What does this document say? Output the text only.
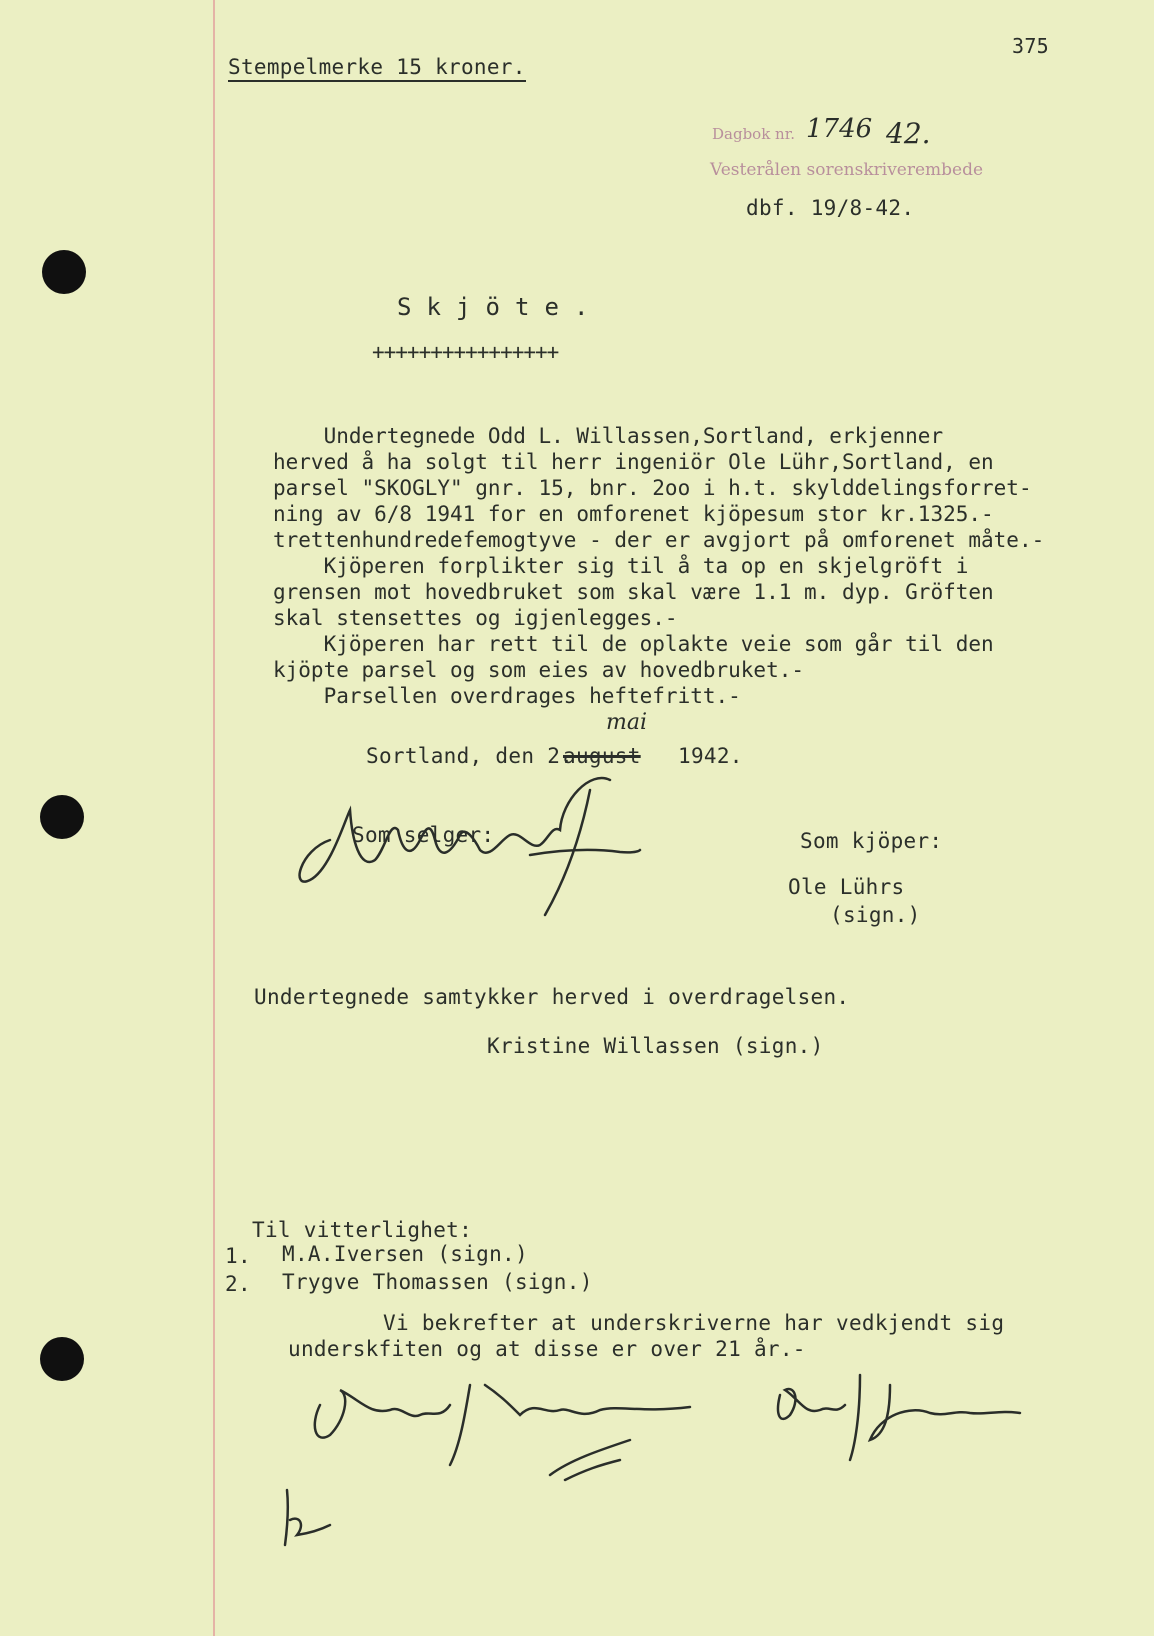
375
Stempelmerke 15 kroner.
Dagbok nr. 1746 42.
Vesterålen sorenskriverembede
dbf. 19/8-42.
S k j ö t e .
++++++++++++++++
Undertegnede Odd L. Willassen,Sortland, erkjenner
herved å ha solgt til herr ingeniör Ole Lühr,Sortland, en
parsel "SKOGLY" gnr. 15, bnr. 2oo i h.t. skylddelingsforret-
ning av 6/8 1941 for en omforenet kjöpesum stor kr.1325.-
trettenhundredefemogtyve - der er avgjort på omforenet måte.-
Kjöperen forplikter sig til å ta op en skjelgröft i
grensen mot hovedbruket som skal være 1.1 m. dyp. Gröften
skal stensettes og igjenlegges.-
Kjöperen har rett til de oplakte veie som går til den
kjöpte parsel og som eies av hovedbruket.-
Parsellen overdrages heftefritt.-
Sortland, den 2.
august
mai
1942.
Som selger:	Som kjöper:
Ole Lührs
(sign.)
O.Willassen
Undertegnede samtykker herved i overdragelsen.
Kristine Willassen (sign.)
Til vitterlighet:
1. M.A.Iversen (sign.)
2. Trygve Thomassen (sign.)
Vi bekrefter at underskriverne har vedkjendt sig
underskfiten og at disse er over 21 år.-
